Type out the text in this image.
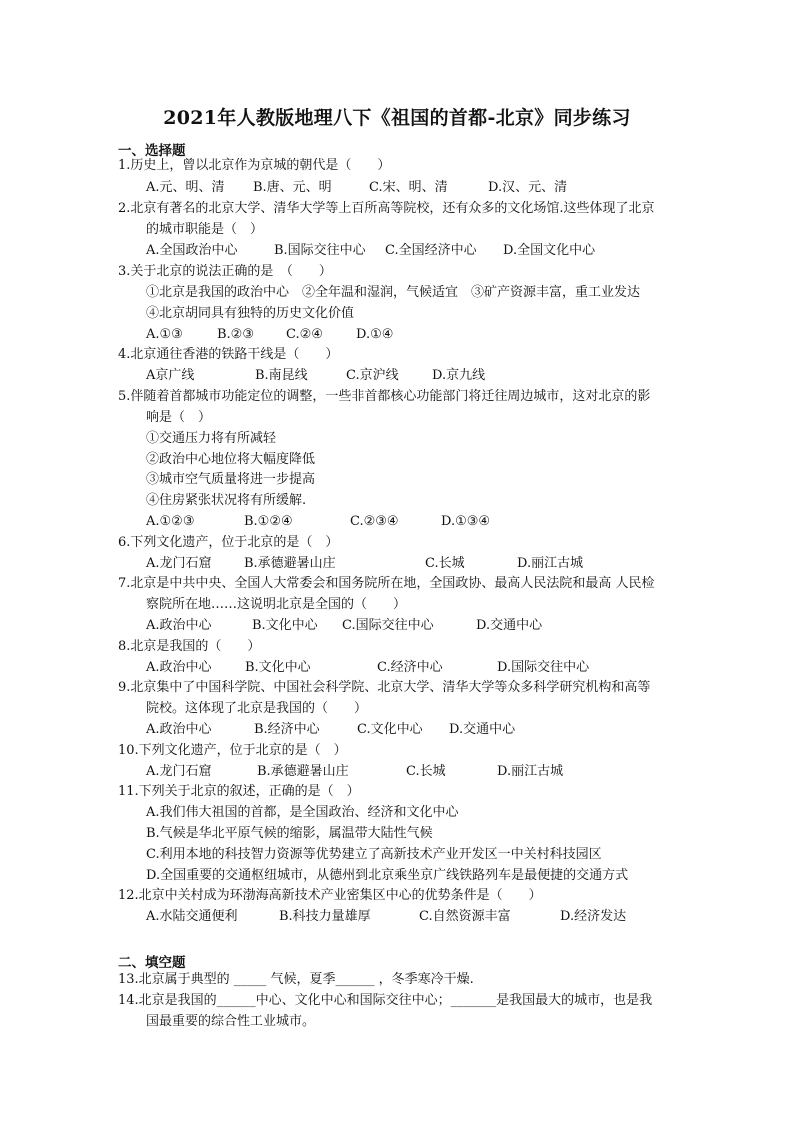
2021年人教版地理八下《祖国的首都-北京》同步练习
一、选择题
1.历史上，曾以北京作为京城的朝代是（　　）
A.元、明、清 B.唐、元、明	C.宋、明、清	D.汉、元、清
2.北京有著名的北京大学、清华大学等上百所高等院校，还有众多的文化场馆.这些体现了北京
的城市职能是（　）
A.全国政治中心	B.国际交往中心 C.全国经济中心 D.全国文化中心
3.关于北京的说法正确的是　（　　）
①北京是我国的政治中心　②全年温和湿润，气候适宜　③矿产资源丰富，重工业发达
④北京胡同具有独特的历史文化价值
A.①③	B.②③ C.②④	D.①④
4.北京通往香港的铁路干线是（　　）
A京广线	B.南昆线	C.京沪线	D.京九线
5.伴随着首都城市功能定位的调整，一些非首都核心功能部门将迁往周边城市，这对北京的影
响是（　）
①交通压力将有所减轻
②政治中心地位将大幅度降低
③城市空气质量将进一步提高
④住房紧张状况将有所缓解.
A.①②③	B.①②④	C.②③④	D.①③④
6.下列文化遗产，位于北京的是（　）
A.龙门石窟 B.承德避暑山庄	C.长城	D.丽江古城
7.北京是中共中央、全国人大常委会和国务院所在地，全国政协、最高人民法院和最高 人民检
察院所在地……这说明北京是全国的（　　）
A.政治中心	B.文化中心 C.国际交往中心	D.交通中心
8.北京是我国的（　　）
A.政治中心	B.文化中心	C.经济中心	D.国际交往中心
9.北京集中了中国科学院、中国社会科学院、北京大学、清华大学等众多科学研究机构和高等
院校。这体现了北京是我国的（　　）
A.政治中心	B.经济中心	C.文化中心 D.交通中心
10.下列文化遗产，位于北京的是（　）
A.龙门石窟	B.承德避暑山庄	C.长城	D.丽江古城
11.下列关于北京的叙述，正确的是（　）
A.我们伟大祖国的首都，是全国政治、经济和文化中心
B.气候是华北平原气候的缩影，属温带大陆性气候
C.利用本地的科技智力资源等优势建立了高新技术产业开发区一中关村科技园区
D.全国重要的交通枢纽城市，从德州到北京乘坐京广线铁路列车是最便捷的交通方式
12.北京中关村成为环渤海高新技术产业密集区中心的优势条件是（　　）
A.水陆交通便利	B.科技力量雄厚	C.自然资源丰富	D.经济发达
二、填空题
13.北京属于典型的 _____ 气候，夏季______ ，冬季寒冷干燥.
14.北京是我国的______中心、文化中心和国际交往中心；_______是我国最大的城市，也是我
国最重要的综合性工业城市。
